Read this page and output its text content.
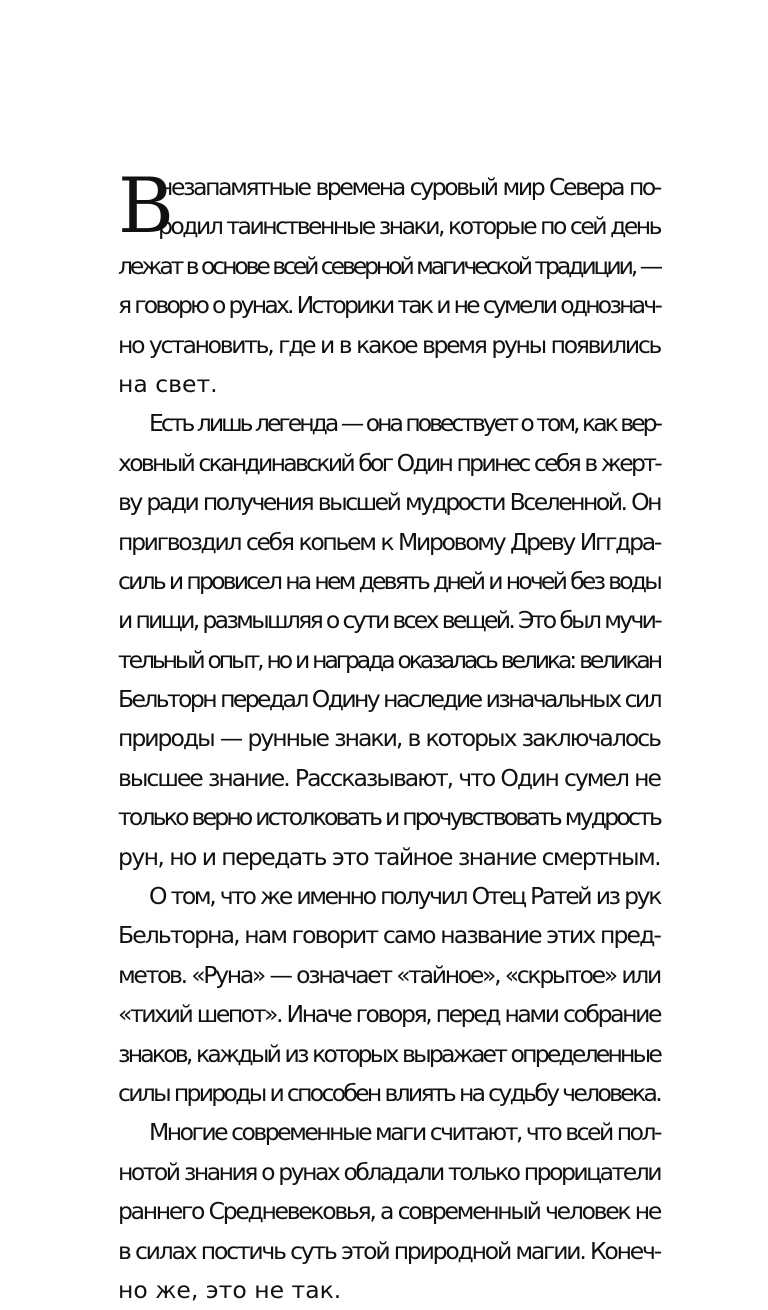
В
незапамятные времена суровый мир Севера по-
родил таинственные знаки, которые по сей день
лежат в основе всей северной магической традиции, —
я говорю о рунах. Историки так и не сумели однознач-
но установить, где и в какое время руны появились
на свет.
Есть лишь легенда — она повествует о том, как вер-
ховный скандинавский бог Один принес себя в жерт-
ву ради получения высшей мудрости Вселенной. Он
пригвоздил себя копьем к Мировому Древу Иггдра-
силь и провисел на нем девять дней и ночей без воды
и пищи, размышляя о сути всех вещей. Это был мучи-
тельный опыт, но и награда оказалась велика: великан
Бельторн передал Одину наследие изначальных сил
природы — рунные знаки, в которых заключалось
высшее знание. Рассказывают, что Один сумел не
только верно истолковать и прочувствовать мудрость
рун, но и передать это тайное знание смертным.
О том, что же именно получил Отец Ратей из рук
Бельторна, нам говорит само название этих пред-
метов. «Руна» — означает «тайное», «скрытое» или
«тихий шепот». Иначе говоря, перед нами собрание
знаков, каждый из которых выражает определенные
силы природы и способен влиять на судьбу человека.
Многие современные маги считают, что всей пол-
нотой знания о рунах обладали только прорицатели
раннего Средневековья, а современный человек не
в силах постичь суть этой природной магии. Конеч-
но же, это не так.
